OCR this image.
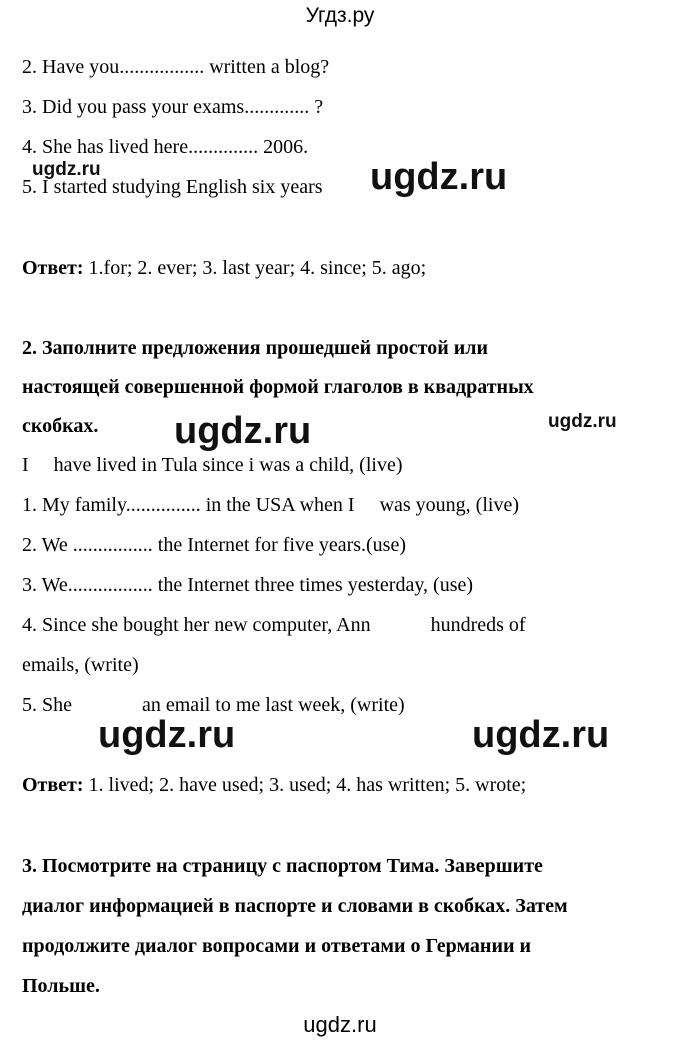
Угдз.ру
2. Have you................. written a blog?
3. Did you pass your exams............. ?
4. She has lived here.............. 2006.
5. I started studying English six years
Ответ: 1.for; 2. ever; 3. last year; 4. since; 5. ago;
2. Заполните предложения прошедшей простой или
настоящей совершенной формой глаголов в квадратных
скобках.
I     have lived in Tula since i was a child, (live)
1. My family............... in the USA when I     was young, (live)
2. We ................ the Internet for five years.(use)
3. We................. the Internet three times yesterday, (use)
4. Since she bought her new computer, Ann            hundreds of
emails, (write)
5. She              an email to me last week, (write)
Ответ: 1. lived; 2. have used; 3. used; 4. has written; 5. wrote;
3. Посмотрите на страницу с паспортом Тима. Завершите
диалог информацией в паспорте и словами в скобках. Затем
продолжите диалог вопросами и ответами о Германии и
Польше.
ugdz.ru	ugdz.ru
ugdz.ru	ugdz.ru
ugdz.ru	ugdz.ru
ugdz.ru
